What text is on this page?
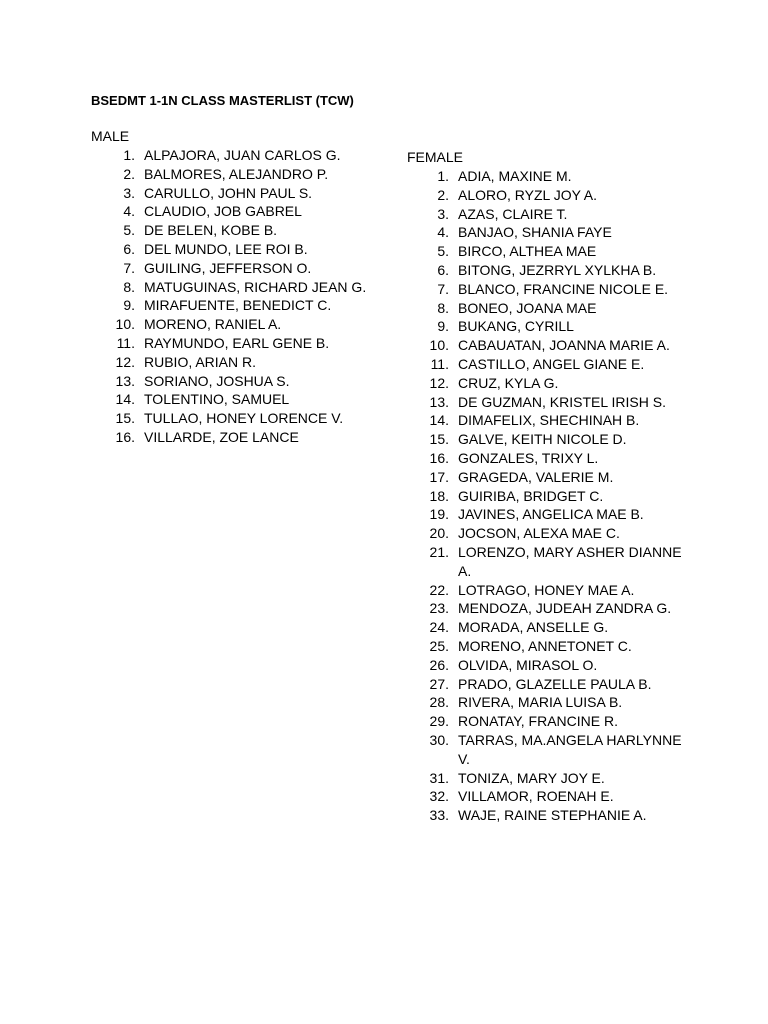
BSEDMT 1-1N CLASS MASTERLIST (TCW)
MALE
1. ALPAJORA, JUAN CARLOS G.
2. BALMORES, ALEJANDRO P.
3. CARULLO, JOHN PAUL S.
4. CLAUDIO, JOB GABREL
5. DE BELEN, KOBE B.
6. DEL MUNDO, LEE ROI B.
7. GUILING, JEFFERSON O.
8. MATUGUINAS, RICHARD JEAN G.
9. MIRAFUENTE, BENEDICT C.
10. MORENO, RANIEL A.
11. RAYMUNDO, EARL GENE B.
12. RUBIO, ARIAN R.
13. SORIANO, JOSHUA S.
14. TOLENTINO, SAMUEL
15. TULLAO, HONEY LORENCE V.
16. VILLARDE, ZOE LANCE
FEMALE
1. ADIA, MAXINE M.
2. ALORO, RYZL JOY A.
3. AZAS, CLAIRE T.
4. BANJAO, SHANIA FAYE
5. BIRCO, ALTHEA MAE
6. BITONG, JEZRRYL XYLKHA B.
7. BLANCO, FRANCINE NICOLE E.
8. BONEO, JOANA MAE
9. BUKANG, CYRILL
10. CABAUATAN, JOANNA MARIE A.
11. CASTILLO, ANGEL GIANE E.
12. CRUZ, KYLA G.
13. DE GUZMAN, KRISTEL IRISH S.
14. DIMAFELIX, SHECHINAH B.
15. GALVE, KEITH NICOLE D.
16. GONZALES, TRIXY L.
17. GRAGEDA, VALERIE M.
18. GUIRIBA, BRIDGET C.
19. JAVINES, ANGELICA MAE B.
20. JOCSON, ALEXA MAE C.
21. LORENZO, MARY ASHER DIANNE A.
22. LOTRAGO, HONEY MAE A.
23. MENDOZA, JUDEAH ZANDRA G.
24. MORADA, ANSELLE G.
25. MORENO, ANNETONET C.
26. OLVIDA, MIRASOL O.
27. PRADO, GLAZELLE PAULA B.
28. RIVERA, MARIA LUISA B.
29. RONATAY, FRANCINE R.
30. TARRAS, MA.ANGELA HARLYNNE V.
31. TONIZA, MARY JOY E.
32. VILLAMOR, ROENAH E.
33. WAJE, RAINE STEPHANIE A.
